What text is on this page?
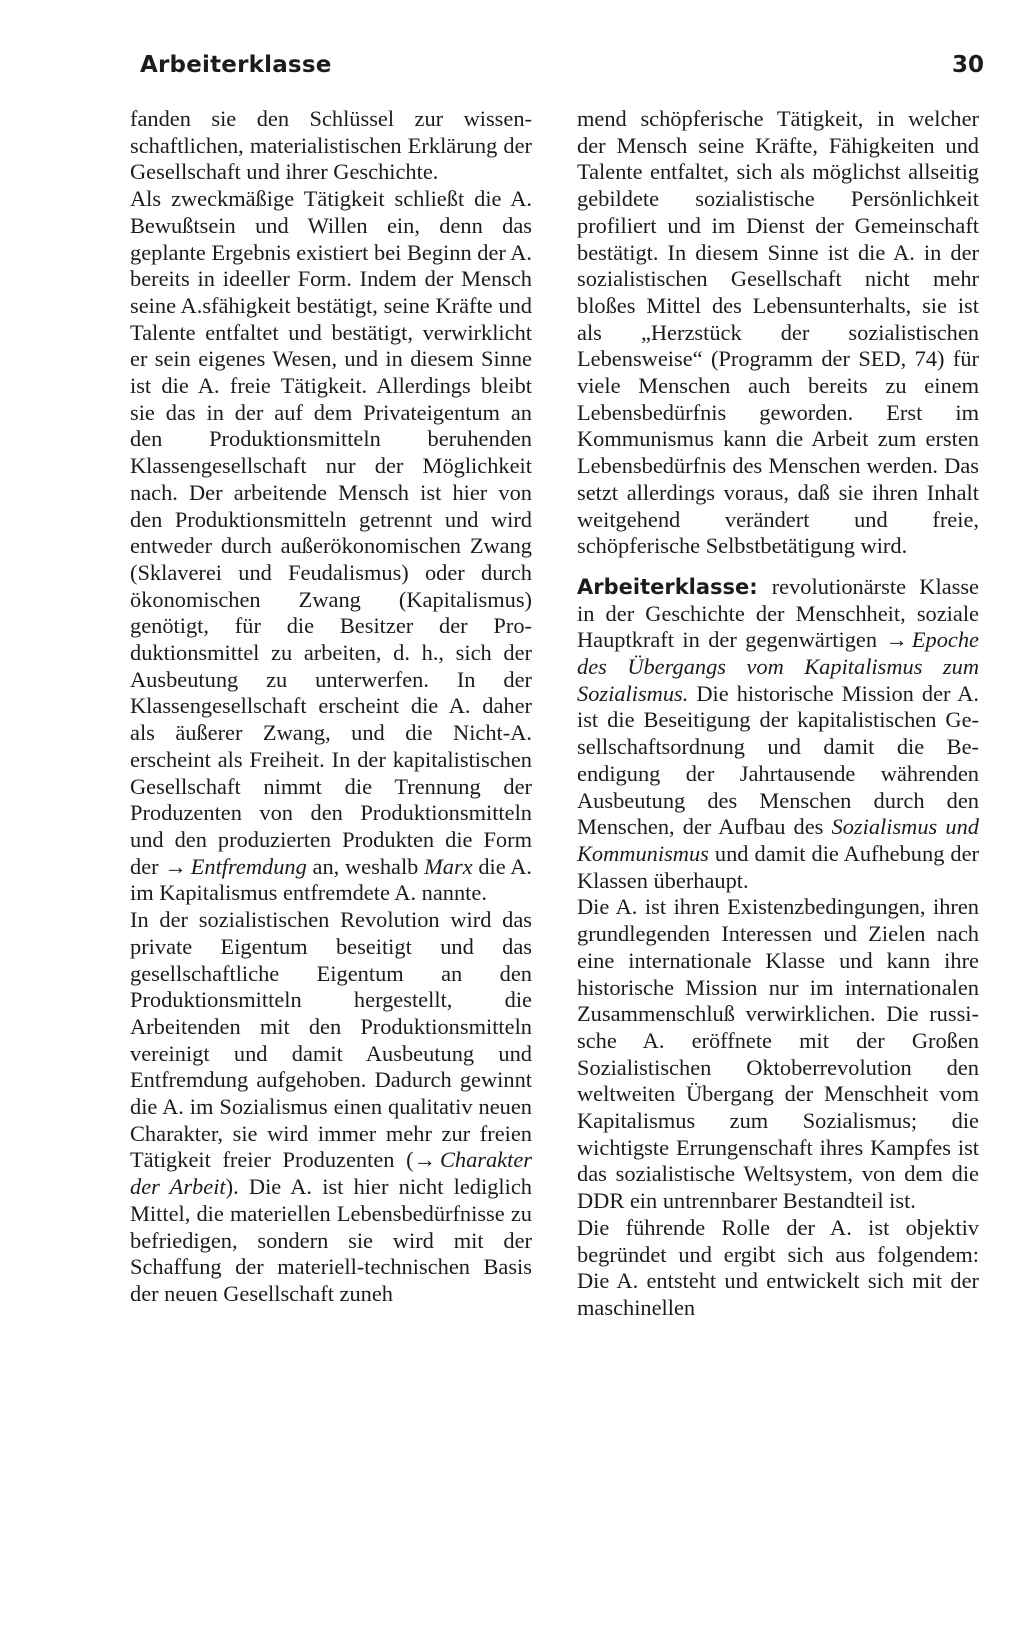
Arbeiterklasse	30

fanden sie den Schlüssel zur wissenschaftlichen, materialistischen Erklärung der Gesellschaft und ihrer Geschichte.

Als zweckmäßige Tätigkeit schließt die A. Bewußtsein und Willen ein, denn das geplante Ergebnis existiert bei Beginn der A. bereits in ideeller Form. Indem der Mensch seine A.sfähigkeit bestätigt, seine Kräfte und Talente entfaltet und bestätigt, verwirklicht er sein eigenes Wesen, und in diesem Sinne ist die A. freie Tätigkeit. Allerdings bleibt sie das in der auf dem Privateigentum an den Produktionsmitteln beruhenden Klassengesellschaft nur der Möglichkeit nach. Der arbeitende Mensch ist hier von den Produktionsmitteln getrennt und wird entweder durch außerökonomischen Zwang (Sklaverei und Feudalismus) oder durch ökonomischen Zwang (Kapitalismus) genötigt, für die Besitzer der Produktionsmittel zu arbeiten, d. h., sich der Ausbeutung zu unterwerfen. In der Klassengesellschaft erscheint die A. daher als äußerer Zwang, und die Nicht-A. erscheint als Freiheit. In der kapitalistischen Gesellschaft nimmt die Trennung der Produzenten von den Produktionsmitteln und den produzierten Produkten die Form der → Entfremdung an, weshalb Marx die A. im Kapitalismus entfremdete A. nannte.

In der sozialistischen Revolution wird das private Eigentum beseitigt und das gesellschaftliche Eigentum an den Produktionsmitteln hergestellt, die Arbeitenden mit den Produktionsmitteln vereinigt und damit Ausbeutung und Entfremdung aufgehoben. Dadurch gewinnt die A. im Sozialismus einen qualitativ neuen Charakter, sie wird immer mehr zur freien Tätigkeit freier Produzenten (→ Charakter der Arbeit). Die A. ist hier nicht lediglich Mittel, die materiellen Lebensbedürfnisse zu befriedigen, sondern sie wird mit der Schaffung der materiell-technischen Basis der neuen Gesellschaft zuneh

mend schöpferische Tätigkeit, in welcher der Mensch seine Kräfte, Fähigkeiten und Talente entfaltet, sich als möglichst allseitig gebildete sozialistische Persönlichkeit profiliert und im Dienst der Gemeinschaft bestätigt. In diesem Sinne ist die A. in der sozialistischen Gesellschaft nicht mehr bloßes Mittel des Lebensunterhalts, sie ist als „Herzstück der sozialistischen Lebensweise“ (Programm der SED, 74) für viele Menschen auch bereits zu einem Lebensbedürfnis geworden. Erst im Kommunismus kann die Arbeit zum ersten Lebensbedürfnis des Menschen werden. Das setzt allerdings voraus, daß sie ihren Inhalt weitgehend verändert und freie, schöpferische Selbstbetätigung wird.

Arbeiterklasse: revolutionärste Klasse in der Geschichte der Menschheit, soziale Hauptkraft in der gegenwärtigen → Epoche des Übergangs vom Kapitalismus zum Sozialismus. Die historische Mission der A. ist die Beseitigung der kapitalistischen Gesellschaftsordnung und damit die Beendigung der Jahrtausende währenden Ausbeutung des Menschen durch den Menschen, der Aufbau des Sozialismus und Kommunismus und damit die Aufhebung der Klassen überhaupt.

Die A. ist ihren Existenzbedingungen, ihren grundlegenden Interessen und Zielen nach eine internationale Klasse und kann ihre historische Mission nur im internationalen Zusammenschluß verwirklichen. Die russische A. eröffnete mit der Großen Sozialistischen Oktoberrevolution den weltweiten Übergang der Menschheit vom Kapitalismus zum Sozialismus; die wichtigste Errungenschaft ihres Kampfes ist das sozialistische Weltsystem, von dem die DDR ein untrennbarer Bestandteil ist.

Die führende Rolle der A. ist objektiv begründet und ergibt sich aus folgendem: Die A. entsteht und entwickelt sich mit der maschinellen
